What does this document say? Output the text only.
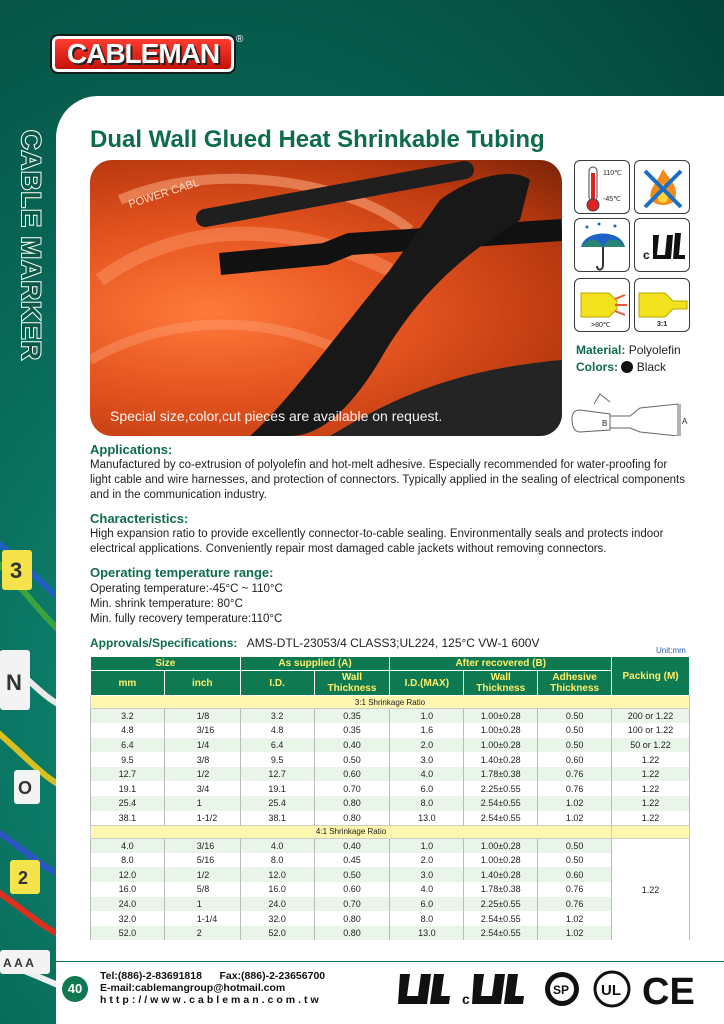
CABLEMAN	®
CABLE MARKER
3
N
O
2
A A A
Dual Wall Glued Heat Shrinkable Tubing
POWER CABL
Special size,color,cut pieces are available on request.
110℃
-45℃
c
>80℃	3:1
Material: Polyolefin
Colors: Black
A
B
Applications:
Manufactured by co-extrusion of polyolefin and hot-melt adhesive. Especially recommended for water-proofing for light cable and wire harnesses, and protection of connectors. Typically applied in the sealing of electrical components and in the communication industry.
Characteristics:
High expansion ratio to provide excellently connector-to-cable sealing. Environmentally seals and protects indoor electrical applications. Conveniently repair most damaged cable jackets without removing connectors.
Operating temperature range:
Operating temperature:-45°C ~ 110°C
Min. shrink temperature: 80°C
Min. fully recovery temperature:110°C
Approvals/Specifications: AMS-DTL-23053/4 CLASS3;UL224, 125°C VW-1 600V
Unit:mm
Size		As supplied (A)		After recovered (B)			Packing (M)
mm	inch	I.D.	Wall Thickness	I.D.(MAX)	Wall Thickness	Adhesive Thickness	
3:1 Shrinkage Ratio							
3.2	1/8	3.2	0.35	1.0	1.00±0.28	0.50	200 or 1.22
4.8	3/16	4.8	0.35	1.6	1.00±0.28	0.50	100 or 1.22
6.4	1/4	6.4	0.40	2.0	1.00±0.28	0.50	50 or 1.22
9.5	3/8	9.5	0.50	3.0	1.40±0.28	0.60	1.22
12.7	1/2	12.7	0.60	4.0	1.78±0.38	0.76	1.22
19.1	3/4	19.1	0.70	6.0	2.25±0.55	0.76	1.22
25.4	1	25.4	0.80	8.0	2.54±0.55	1.02	1.22
38.1	1-1/2	38.1	0.80	13.0	2.54±0.55	1.02	1.22
4:1 Shrinkage Ratio							
4.0	3/16	4.0	0.40	1.0	1.00±0.28	0.50	1.22
8.0	5/16	8.0	0.45	2.0	1.00±0.28	0.50	
12.0	1/2	12.0	0.50	3.0	1.40±0.28	0.60	
16.0	5/8	16.0	0.60	4.0	1.78±0.38	0.76	
24.0	1	24.0	0.70	6.0	2.25±0.55	0.76	
32.0	1-1/4	32.0	0.80	8.0	2.54±0.55	1.02	
52.0	2	52.0	0.80	13.0	2.54±0.55	1.02	
40
Tel:(886)-2-83691818 Fax:(886)-2-23656700
E-mail:cablemangroup@hotmail.com
http://www.cableman.com.tw	c
SP UL CE
